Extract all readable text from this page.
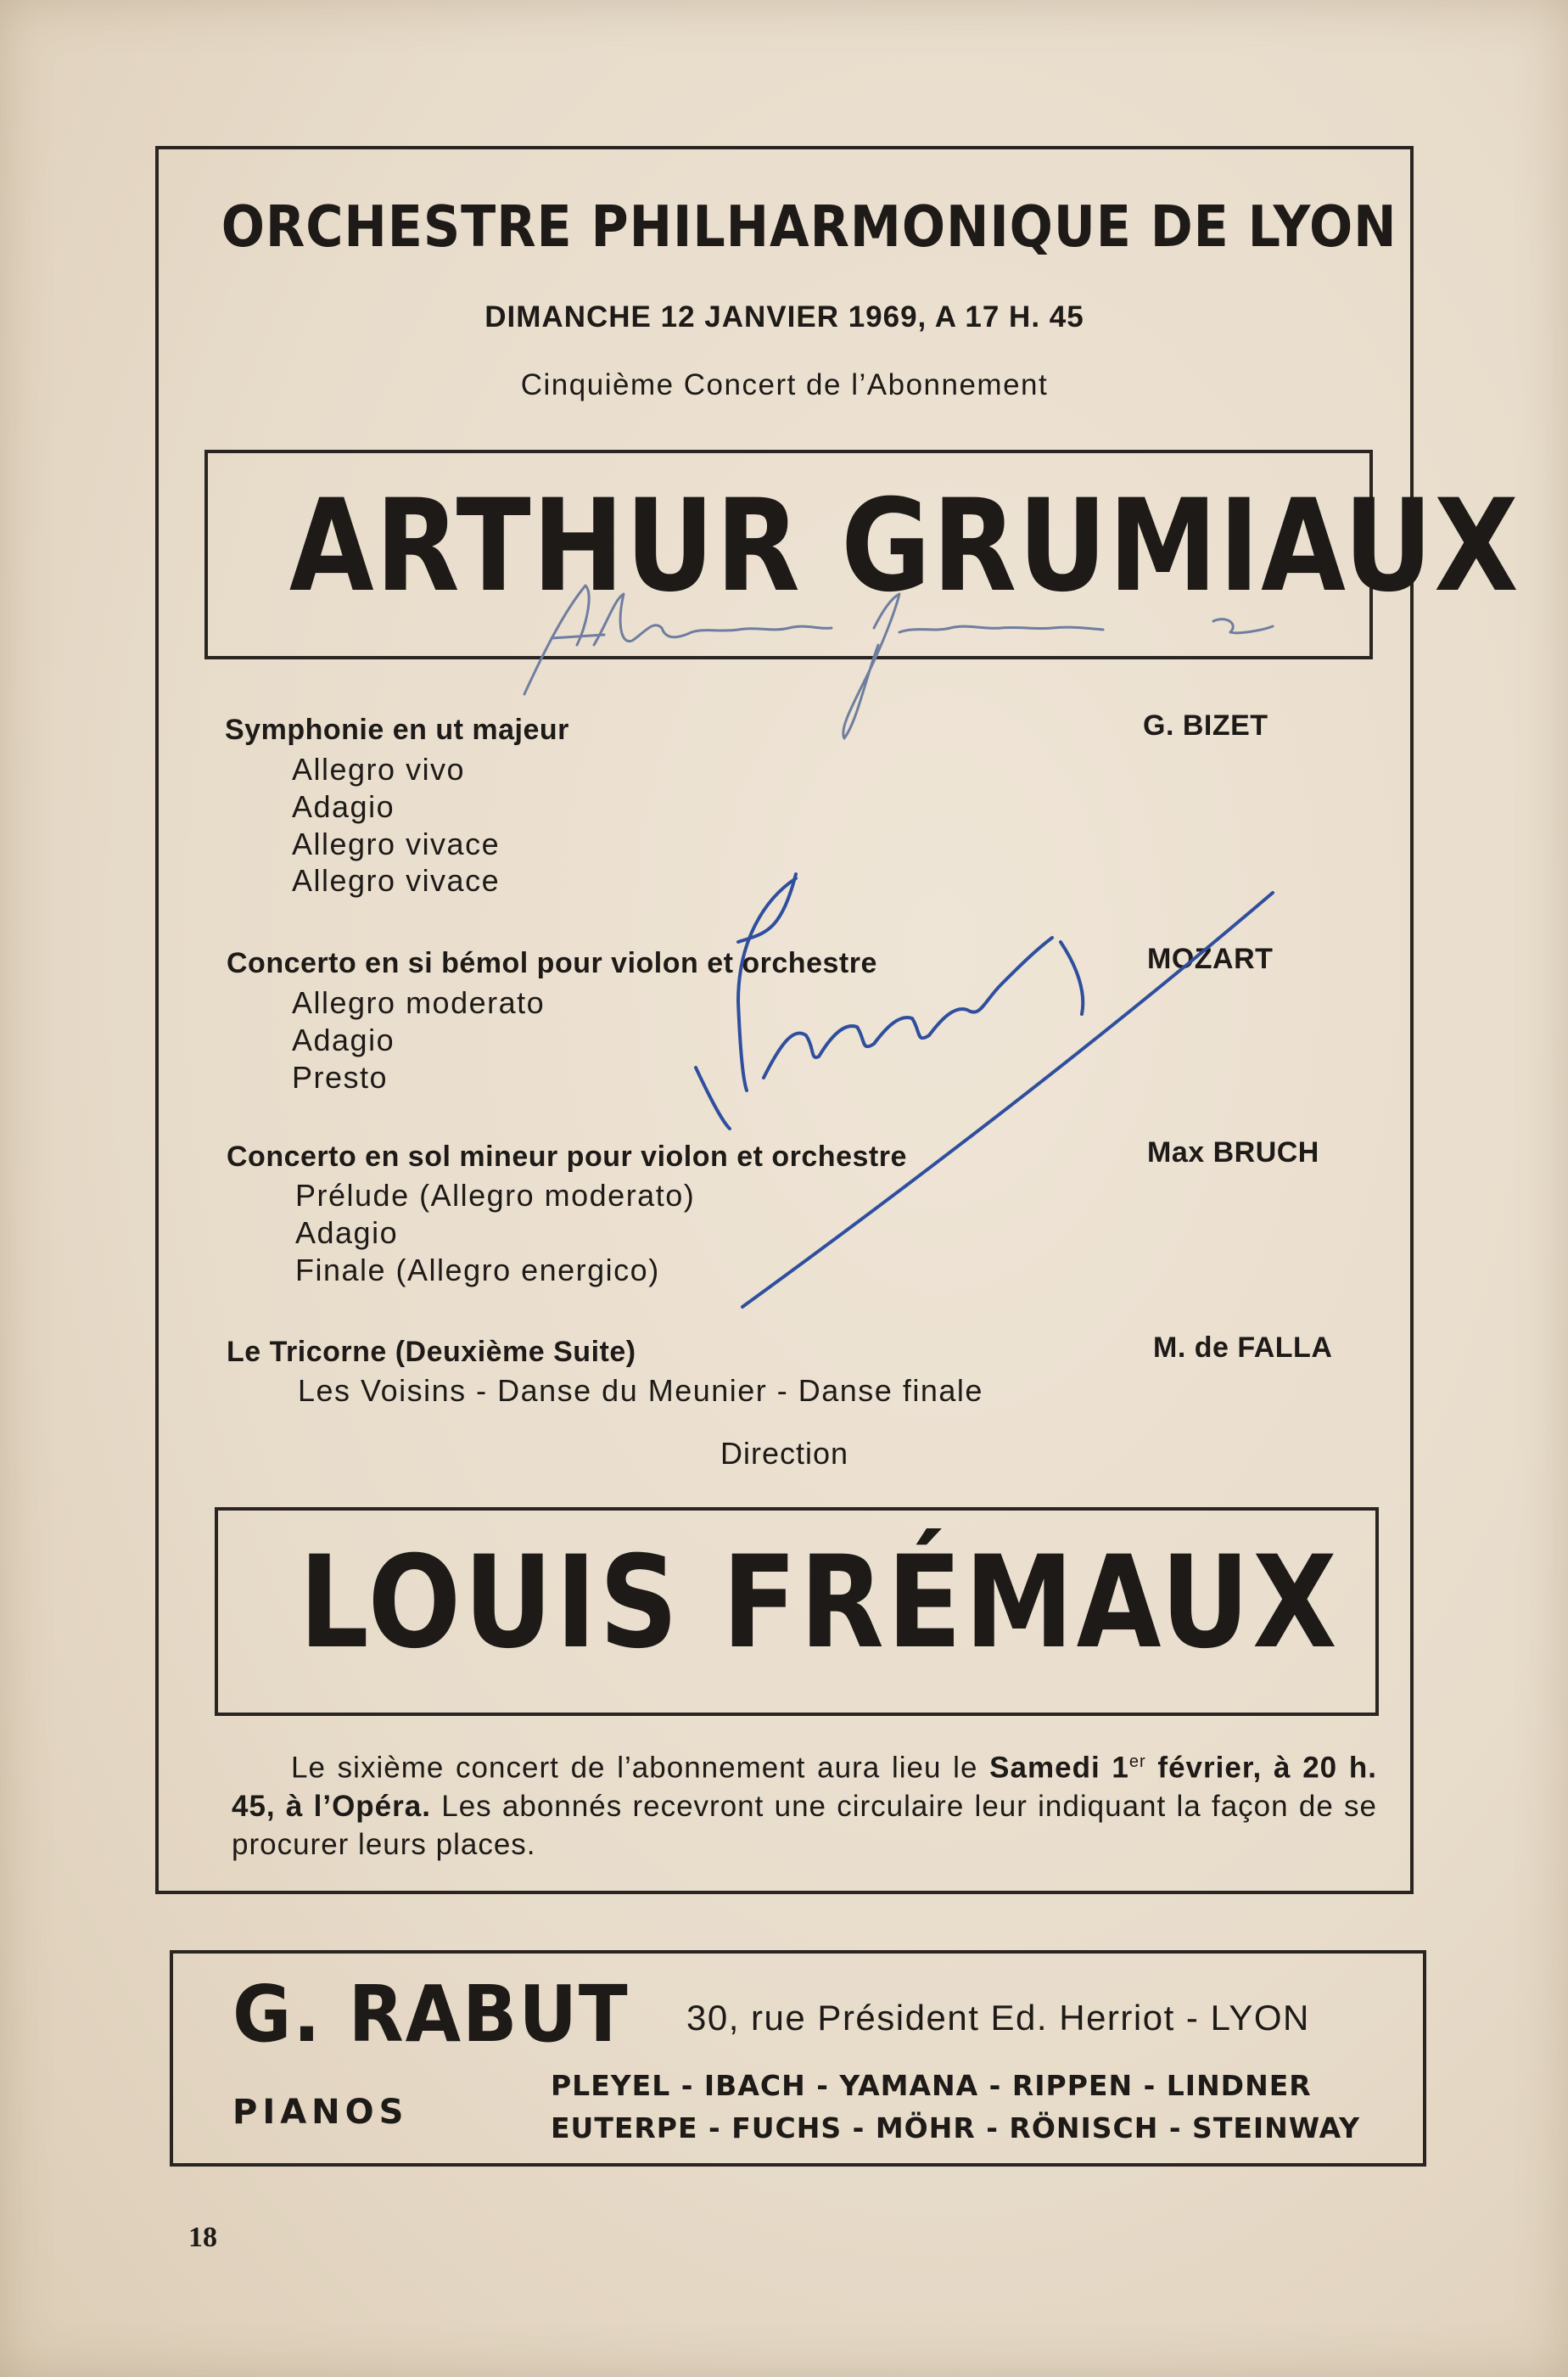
ORCHESTRE PHILHARMONIQUE DE LYON
DIMANCHE 12 JANVIER 1969, A 17 H. 45
Cinquième Concert de l’Abonnement
ARTHUR GRUMIAUX
Symphonie en ut majeur	G. BIZET
Allegro vivo
Adagio
Allegro vivace
Allegro vivace
Concerto en si bémol pour violon et orchestre	MOZART
Allegro moderato
Adagio
Presto
Concerto en sol mineur pour violon et orchestre	Max BRUCH
Prélude (Allegro moderato)
Adagio
Finale (Allegro energico)
Le Tricorne (Deuxième Suite)	M. de FALLA
Les Voisins - Danse du Meunier - Danse finale
Direction
LOUIS FRÉMAUX
Le sixième concert de l’abonnement aura lieu le Samedi 1er février, à 20 h. 45, à l’Opéra. Les abonnés recevront une circulaire leur indiquant la façon de se procurer leurs places.
G. RABUT 30, rue Président Ed. Herriot - LYON
PIANOS
PLEYEL - IBACH - YAMANA - RIPPEN - LINDNER
EUTERPE - FUCHS - MÖHR - RÖNISCH - STEINWAY
18
